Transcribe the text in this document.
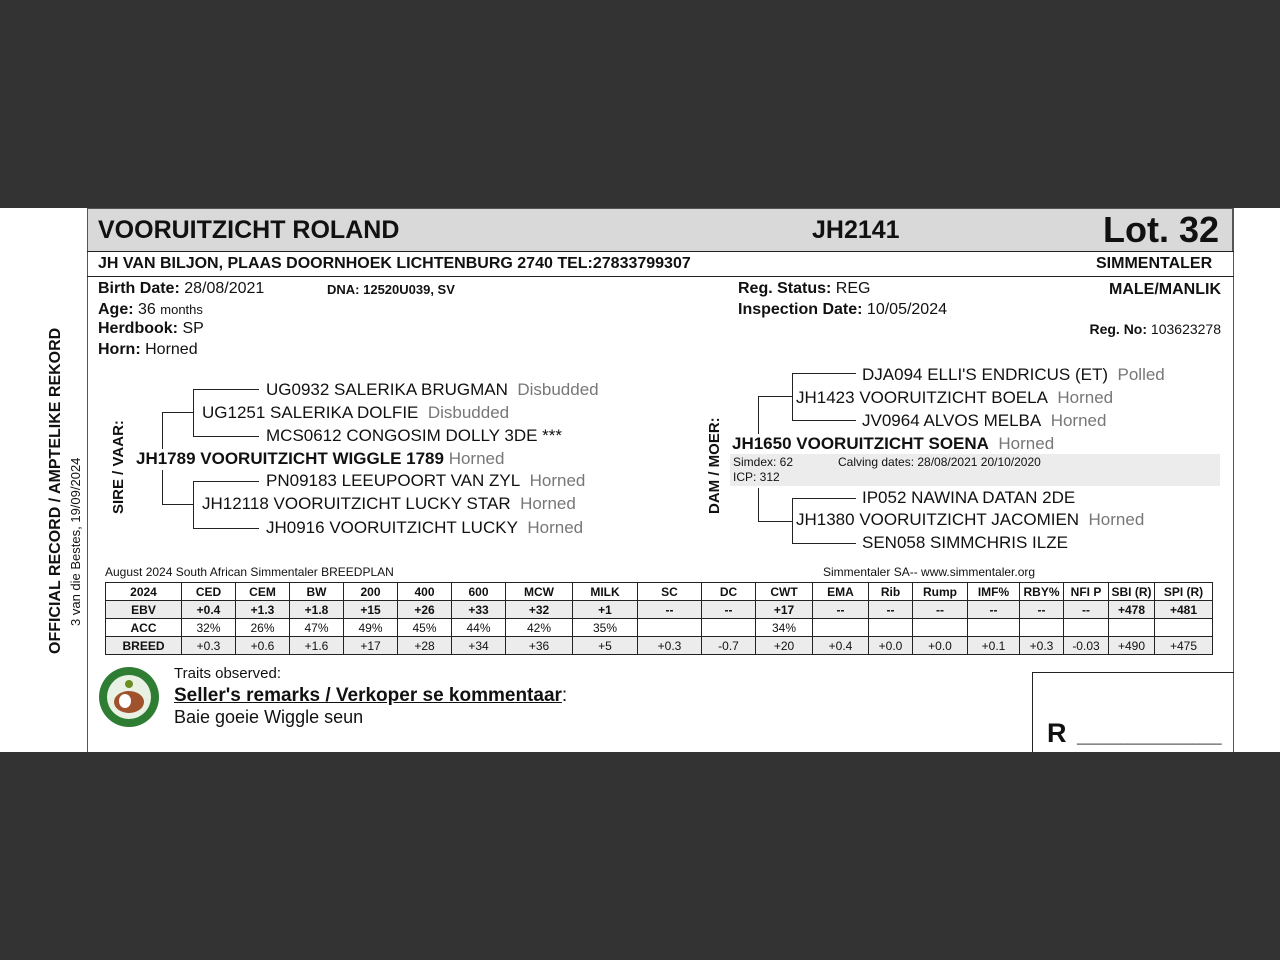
VOORUITZICHT ROLAND	JH2141	Lot. 32
JH VAN BILJON, PLAAS DOORNHOEK LICHTENBURG 2740 TEL:27833799307	SIMMENTALER
Birth Date: 28/08/2021	DNA: 12520U039, SV
Age: 36 months
Herdbook: SP
Horn: Horned
Reg. Status: REG
Inspection Date: 10/05/2024
MALE/MANLIK
Reg. No: 103623278
OFFICIAL RECORD / AMPTELIKE REKORD 3 van die Bestes, 19/09/2024 SIRE / VAAR:	DAM / MOER:
UG0932 SALERIKA BRUGMAN Disbudded
UG1251 SALERIKA DOLFIE Disbudded
MCS0612 CONGOSIM DOLLY 3DE ***
JH1789 VOORUITZICHT WIGGLE 1789 Horned
PN09183 LEEUPOORT VAN ZYL Horned
JH12118 VOORUITZICHT LUCKY STAR Horned
JH0916 VOORUITZICHT LUCKY Horned
DJA094 ELLI'S ENDRICUS (ET) Polled
JH1423 VOORUITZICHT BOELA Horned
JV0964 ALVOS MELBA Horned
JH1650 VOORUITZICHT SOENA Horned
Simdex: 62	Calving dates: 28/08/2021 20/10/2020
ICP: 312
IP052 NAWINA DATAN 2DE
JH1380 VOORUITZICHT JACOMIEN Horned
SEN058 SIMMCHRIS ILZE
August 2024 South African Simmentaler BREEDPLAN	Simmentaler SA-- www.simmentaler.org
2024	CED	CEM	BW	200	400	600	MCW	MILK	SC	DC	CWT	EMA	Rib	Rump	IMF%	RBY%	NFI P	SBI (R)	SPI (R)
EBV	+0.4	+1.3	+1.8	+15	+26	+33	+32	+1	--	--	+17	--	--	--	--	--	--	+478	+481
ACC	32%	26%	47%	49%	45%	44%	42%	35%			34%								
BREED	+0.3	+0.6	+1.6	+17	+28	+34	+36	+5	+0.3	-0.7	+20	+0.4	+0.0	+0.0	+0.1	+0.3	-0.03	+490	+475
Traits observed:
Seller's remarks / Verkoper se kommentaar:
Baie goeie Wiggle seun
R ____________________
